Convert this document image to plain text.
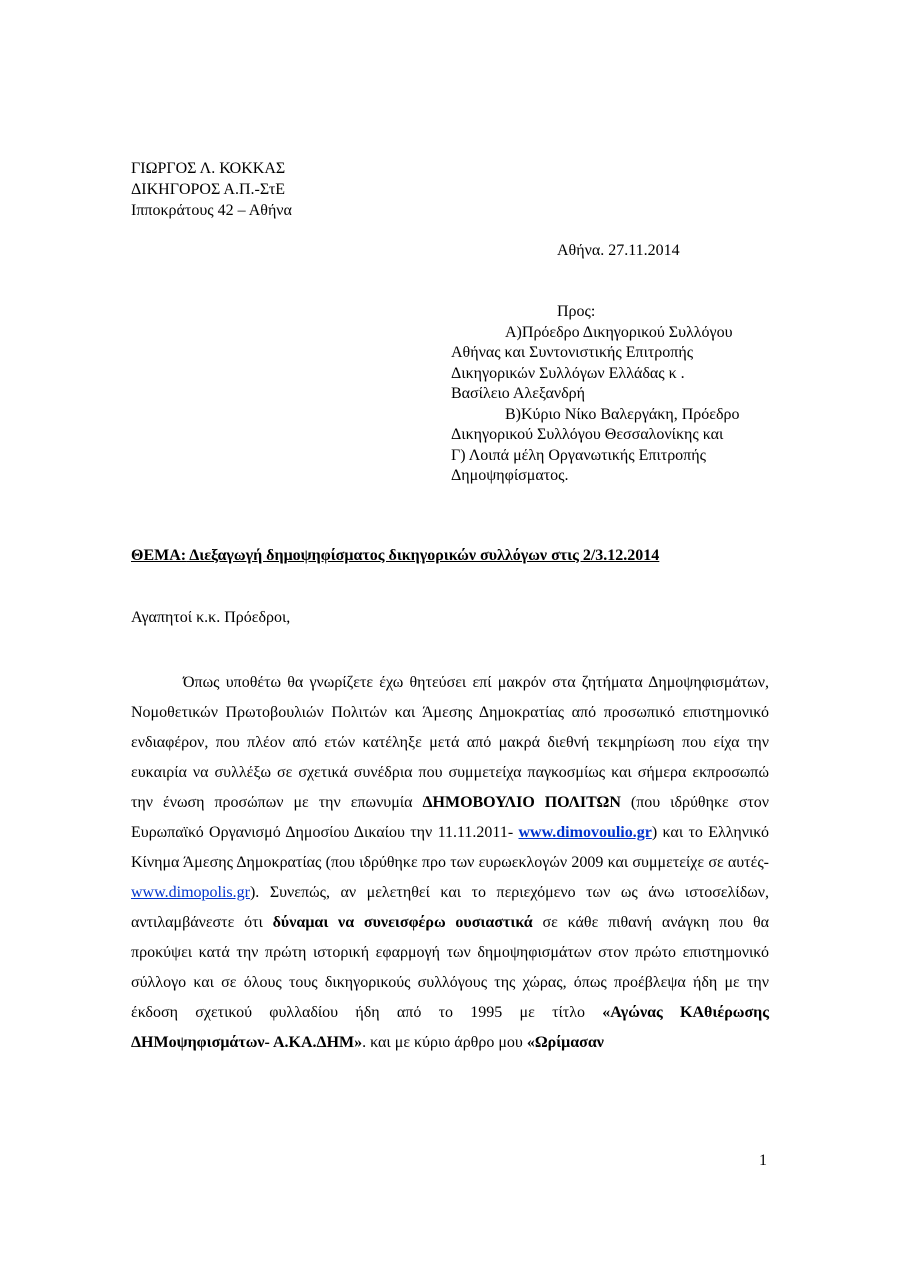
ΓΙΩΡΓΟΣ Λ. ΚΟΚΚΑΣ
ΔΙΚΗΓΟΡΟΣ Α.Π.-ΣτΕ
Ιπποκράτους 42 – Αθήνα
Αθήνα. 27.11.2014
Προς:
Α)Πρόεδρο Δικηγορικού Συλλόγου
Αθήνας και Συντονιστικής Επιτροπής
Δικηγορικών Συλλόγων Ελλάδας κ .
Βασίλειο Αλεξανδρή
Β)Κύριο Νίκο Βαλεργάκη, Πρόεδρο
Δικηγορικού Συλλόγου Θεσσαλονίκης και
Γ) Λοιπά μέλη Οργανωτικής Επιτροπής
Δημοψηφίσματος.
ΘΕΜΑ: Διεξαγωγή δημοψηφίσματος δικηγορικών συλλόγων στις 2/3.12.2014
Αγαπητοί κ.κ. Πρόεδροι,
Όπως υποθέτω θα γνωρίζετε έχω θητεύσει επί μακρόν στα ζητήματα Δημοψηφισμάτων, Νομοθετικών Πρωτοβουλιών Πολιτών και Άμεσης Δημοκρατίας από προσωπικό επιστημονικό ενδιαφέρον, που πλέον από ετών κατέληξε μετά από μακρά διεθνή τεκμηρίωση που είχα την ευκαιρία να συλλέξω σε σχετικά συνέδρια που συμμετείχα παγκοσμίως και σήμερα εκπροσωπώ την ένωση προσώπων με την επωνυμία ΔΗΜΟΒΟΥΛΙΟ ΠΟΛΙΤΩΝ (που ιδρύθηκε στον Ευρωπαϊκό Οργανισμό Δημοσίου Δικαίου την 11.11.2011- www.dimovoulio.gr) και το Ελληνικό Κίνημα Άμεσης Δημοκρατίας (που ιδρύθηκε προ των ευρωεκλογών 2009 και συμμετείχε σε αυτές- www.dimopolis.gr). Συνεπώς, αν μελετηθεί και το περιεχόμενο των ως άνω ιστοσελίδων, αντιλαμβάνεστε ότι δύναμαι να συνεισφέρω ουσιαστικά σε κάθε πιθανή ανάγκη που θα προκύψει κατά την πρώτη ιστορική εφαρμογή των δημοψηφισμάτων στον πρώτο επιστημονικό σύλλογο και σε όλους τους δικηγορικούς συλλόγους της χώρας, όπως προέβλεψα ήδη με την έκδοση σχετικού φυλλαδίου ήδη από το 1995 με τίτλο «Αγώνας ΚΑθιέρωσης ΔΗΜοψηφισμάτων- Α.ΚΑ.ΔΗΜ». και με κύριο άρθρο μου «Ωρίμασαν
1
